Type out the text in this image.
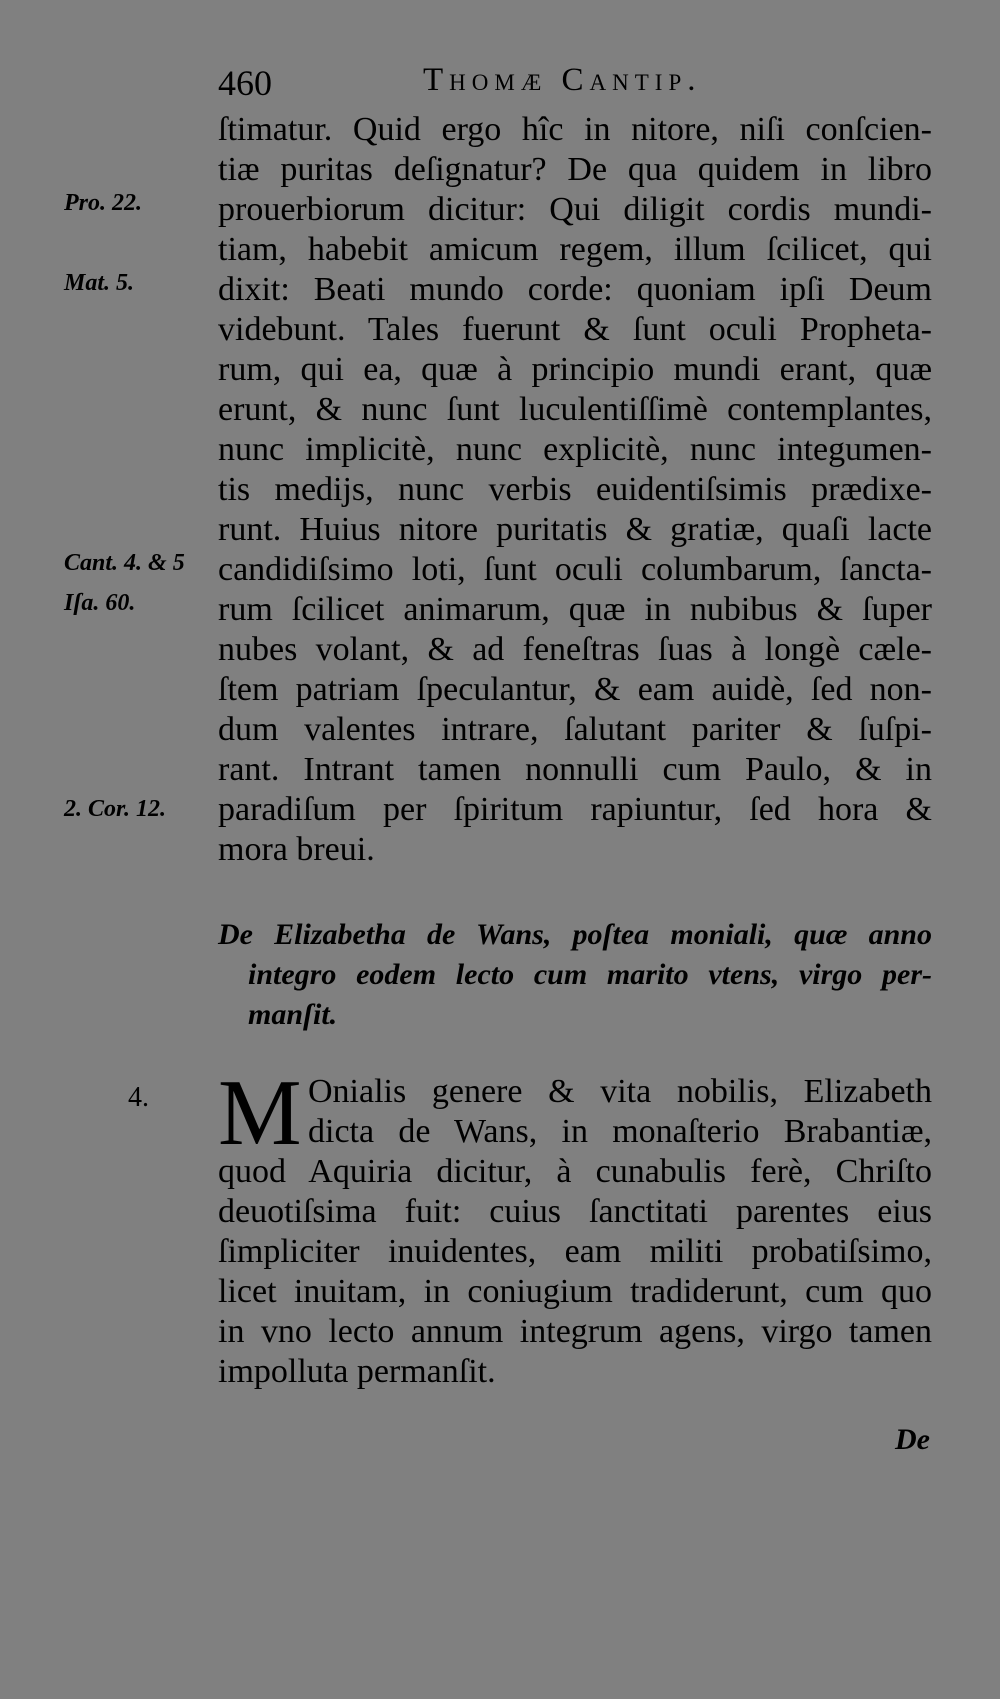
460	Thomæ Cantip.
ſtimatur. Quid ergo hîc in nitore, niſi conſcien-
tiæ puritas deſignatur? De qua quidem in libro
prouerbiorum dicitur: Qui diligit cordis mundi-
tiam, habebit amicum regem, illum ſcilicet, qui
dixit: Beati mundo corde: quoniam ipſi Deum
videbunt. Tales fuerunt & ſunt oculi Propheta-
rum, qui ea, quæ à principio mundi erant, quæ
erunt, & nunc ſunt luculentiſſimè contemplantes,
nunc implicitè, nunc explicitè, nunc integumen-
tis medijs, nunc verbis euidentiſsimis prædixe-
runt. Huius nitore puritatis & gratiæ, quaſi lacte
candidiſsimo loti, ſunt oculi columbarum, ſancta-
rum ſcilicet animarum, quæ in nubibus & ſuper
nubes volant, & ad feneſtras ſuas à longè cæle-
ſtem patriam ſpeculantur, & eam auidè, ſed non-
dum valentes intrare, ſalutant pariter & ſuſpi-
rant. Intrant tamen nonnulli cum Paulo, & in
paradiſum per ſpiritum rapiuntur, ſed hora &
mora breui.
Pro. 22.
Mat. 5.
Cant. 4. & 5
Iſa. 60.
2. Cor. 12.
De Elizabetha de Wans, poſtea moniali, quæ anno
integro eodem lecto cum marito vtens, virgo per-
manſit.
4. M Onialis genere & vita nobilis, Elizabeth
dicta de Wans, in monaſterio Brabantiæ,
quod Aquiria dicitur, à cunabulis ferè, Chriſto
deuotiſsima fuit: cuius ſanctitati parentes eius
ſimpliciter inuidentes, eam militi probatiſsimo,
licet inuitam, in coniugium tradiderunt, cum quo
in vno lecto annum integrum agens, virgo tamen
impolluta permanſit.
De
